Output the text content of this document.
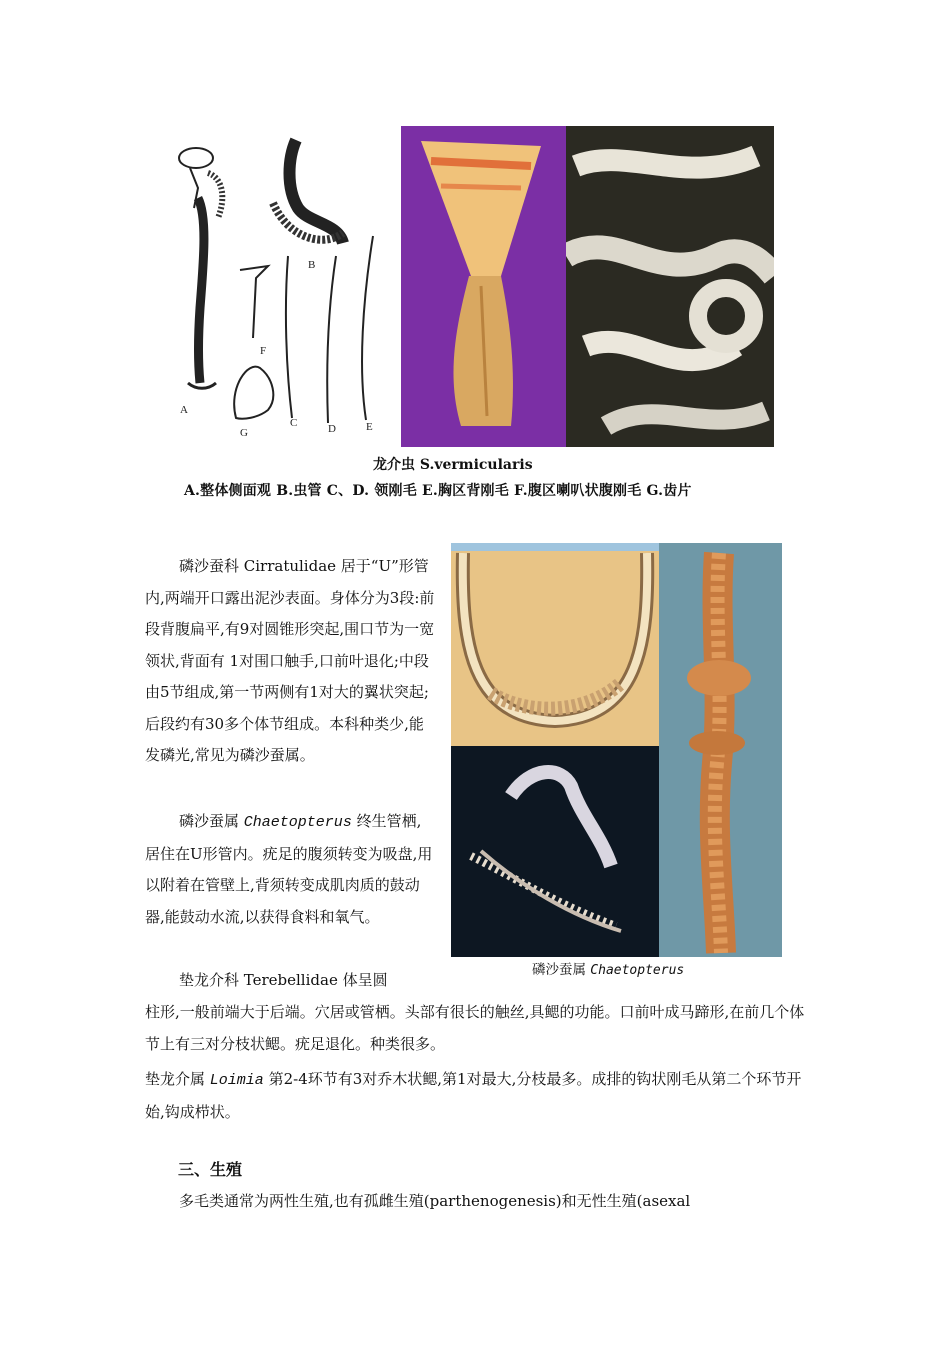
A
B
C	D	E
F
G
龙介虫 S.vermicularis
A.整体侧面观 B.虫管 C、D. 领刚毛 E.胸区背刚毛 F.腹区喇叭状腹刚毛 G.齿片
磷沙蚕属 Chaetopterus
磷沙蚕科 Cirratulidae 居于“U”形管内,两端开口露出泥沙表面。身体分为3段:前段背腹扁平,有9对圆锥形突起,围口节为一宽领状,背面有 1对围口触手,口前叶退化;中段由5节组成,第一节两侧有1对大的翼状突起;后段约有30多个体节组成。本科种类少,能发磷光,常见为磷沙蚕属。
磷沙蚕属 Chaetopterus 终生管栖,居住在U形管内。疣足的腹须转变为吸盘,用以附着在管壁上,背须转变成肌肉质的鼓动器,能鼓动水流,以获得食料和氧气。
垫龙介科 Terebellidae 体呈圆
柱形,一般前端大于后端。穴居或管栖。头部有很长的触丝,具鳃的功能。口前叶成马蹄形,在前几个体节上有三对分枝状鳃。疣足退化。种类很多。
垫龙介属 Loimia 第2-4环节有3对乔木状鳃,第1对最大,分枝最多。成排的钩状刚毛从第二个环节开始,钩成栉状。
三、生殖
多毛类通常为两性生殖,也有孤雌生殖(parthenogenesis)和无性生殖(asexal
